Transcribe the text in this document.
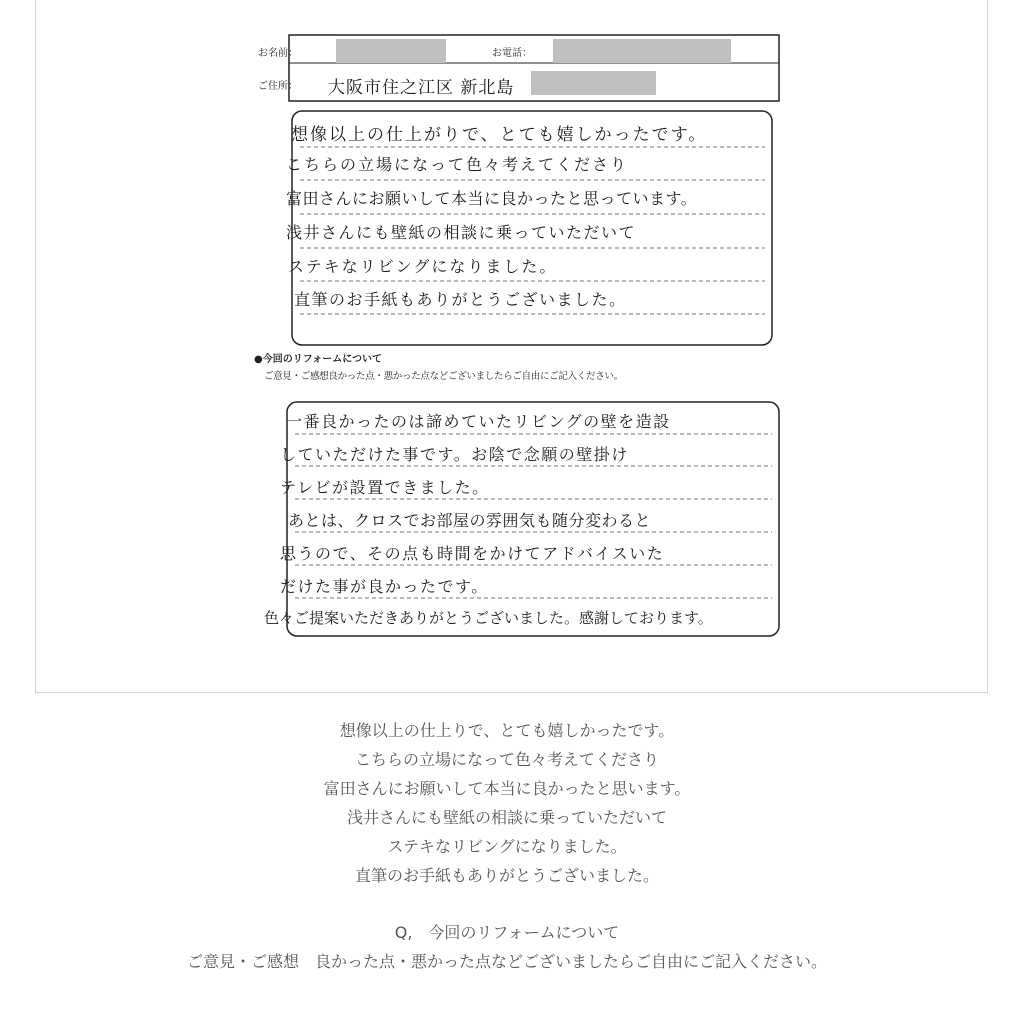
お名前：	お電話：
ご住所： 大阪市住之江区 新北島
想像以上の仕上がりで、とても嬉しかったです。
こちらの立場になって色々考えてくださり
富田さんにお願いして本当に良かったと思っています。
浅井さんにも壁紙の相談に乗っていただいて
ステキなリビングになりました。
直筆のお手紙もありがとうございました。
●今回のリフォームについて
ご意見・ご感想良かった点・悪かった点などございましたらご自由にご記入ください。
一番良かったのは諦めていたリビングの壁を造設
していただけた事です。お陰で念願の壁掛け
テレビが設置できました。
あとは、クロスでお部屋の雰囲気も随分変わると
思うので、その点も時間をかけてアドバイスいた
だけた事が良かったです。
色々ご提案いただきありがとうございました。感謝しております。
想像以上の仕上りで、とても嬉しかったです。
こちらの立場になって色々考えてくださり
富田さんにお願いして本当に良かったと思います。
浅井さんにも壁紙の相談に乗っていただいて
ステキなリビングになりました。
直筆のお手紙もありがとうございました。
Q,　今回のリフォームについて
ご意見・ご感想　良かった点・悪かった点などございましたらご自由にご記入ください。
